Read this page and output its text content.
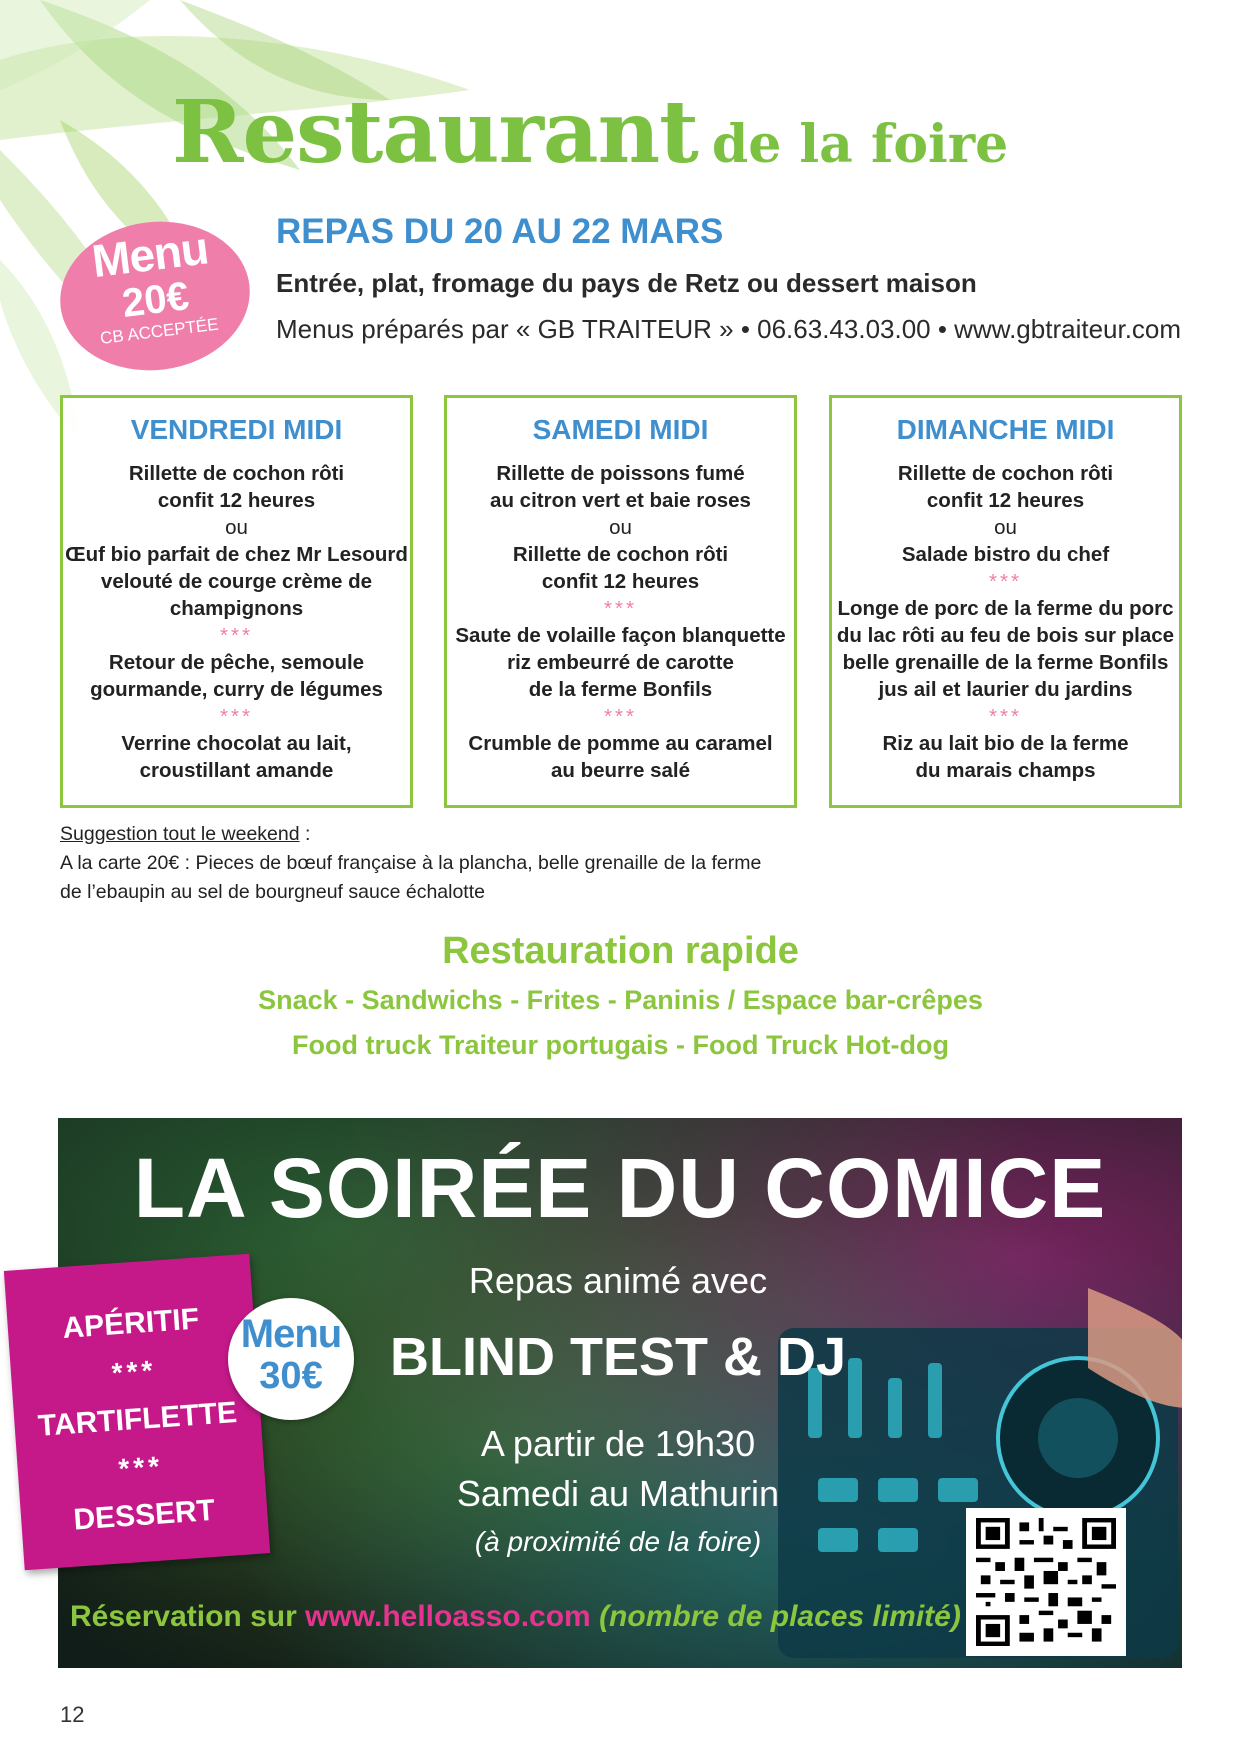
Restaurant de la foire
Menu
20€
CB ACCEPTÉE
REPAS DU 20 AU 22 MARS
Entrée, plat, fromage du pays de Retz ou dessert maison
Menus préparés par « GB TRAITEUR » • 06.63.43.03.00 • www.gbtraiteur.com
VENDREDI MIDI
Rillette de cochon rôti
confit 12 heures
ou
Œuf bio parfait de chez Mr Lesourd
velouté de courge crème de
champignons
***
Retour de pêche, semoule
gourmande, curry de légumes
***
Verrine chocolat au lait,
croustillant amande
SAMEDI MIDI
Rillette de poissons fumé
au citron vert et baie roses
ou
Rillette de cochon rôti
confit 12 heures
***
Saute de volaille façon blanquette
riz embeurré de carotte
de la ferme Bonfils
***
Crumble de pomme au caramel
au beurre salé
DIMANCHE MIDI
Rillette de cochon rôti
confit 12 heures
ou
Salade bistro du chef
***
Longe de porc de la ferme du porc
du lac rôti au feu de bois sur place
belle grenaille de la ferme Bonfils
jus ail et laurier du jardins
***
Riz au lait bio de la ferme
du marais champs
Suggestion tout le weekend :
A la carte 20€ : Pieces de bœuf française à la plancha, belle grenaille de la ferme
de l’ebaupin au sel de bourgneuf sauce échalotte
Restauration rapide
Snack - Sandwichs - Frites - Paninis / Espace bar-crêpes
Food truck Traiteur portugais - Food Truck Hot-dog
LA SOIRÉE DU COMICE
Repas animé avec
BLIND TEST & DJ
A partir de 19h30
Samedi au Mathurin
(à proximité de la foire)
Réservation sur www.helloasso.com (nombre de places limité)
APÉRITIF
***
TARTIFLETTE
***
DESSERT
Menu
30€
12
